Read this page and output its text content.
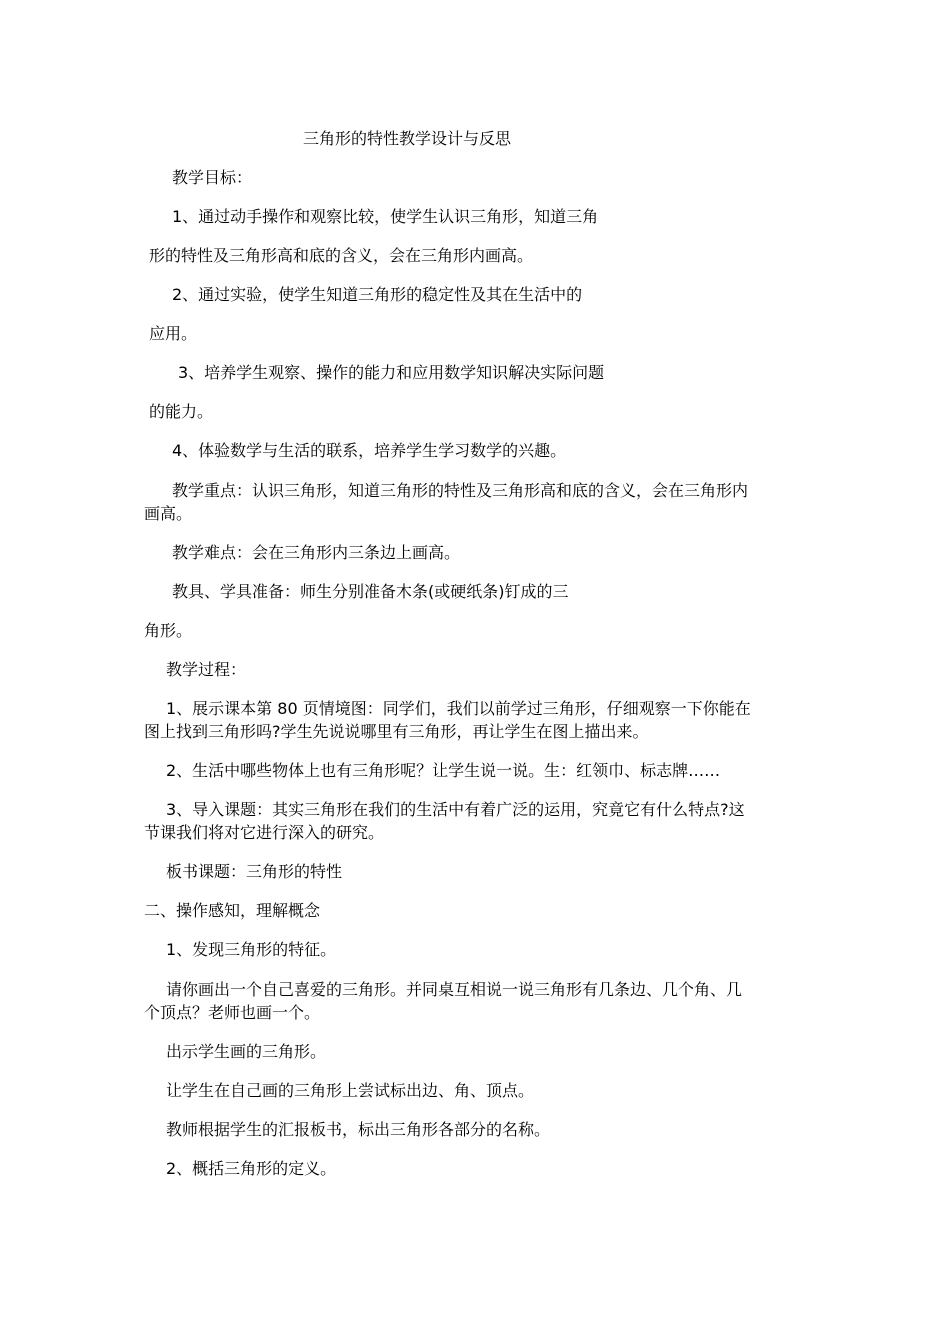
三角形的特性教学设计与反思

教学目标：

1、通过动手操作和观察比较，使学生认识三角形，知道三角

形的特性及三角形高和底的含义，会在三角形内画高。

2、通过实验，使学生知道三角形的稳定性及其在生活中的

应用。

3、培养学生观察、操作的能力和应用数学知识解决实际问题

的能力。

4、体验数学与生活的联系，培养学生学习数学的兴趣。

教学重点：认识三角形，知道三角形的特性及三角形高和底的含义，会在三角形内

画高。

教学难点：会在三角形内三条边上画高。

教具、学具准备：师生分别准备木条(或硬纸条)钉成的三

角形。

教学过程：

1、展示课本第 80 页情境图：同学们，我们以前学过三角形，仔细观察一下你能在

图上找到三角形吗?学生先说说哪里有三角形，再让学生在图上描出来。

2、生活中哪些物体上也有三角形呢？让学生说一说。生：红领巾、标志牌……

3、导入课题：其实三角形在我们的生活中有着广泛的运用，究竟它有什么特点?这

节课我们将对它进行深入的研究。

板书课题：三角形的特性

二、操作感知，理解概念

1、发现三角形的特征。

请你画出一个自己喜爱的三角形。并同桌互相说一说三角形有几条边、几个角、几

个顶点？老师也画一个。

出示学生画的三角形。

让学生在自己画的三角形上尝试标出边、角、顶点。

教师根据学生的汇报板书，标出三角形各部分的名称。

2、概括三角形的定义。
